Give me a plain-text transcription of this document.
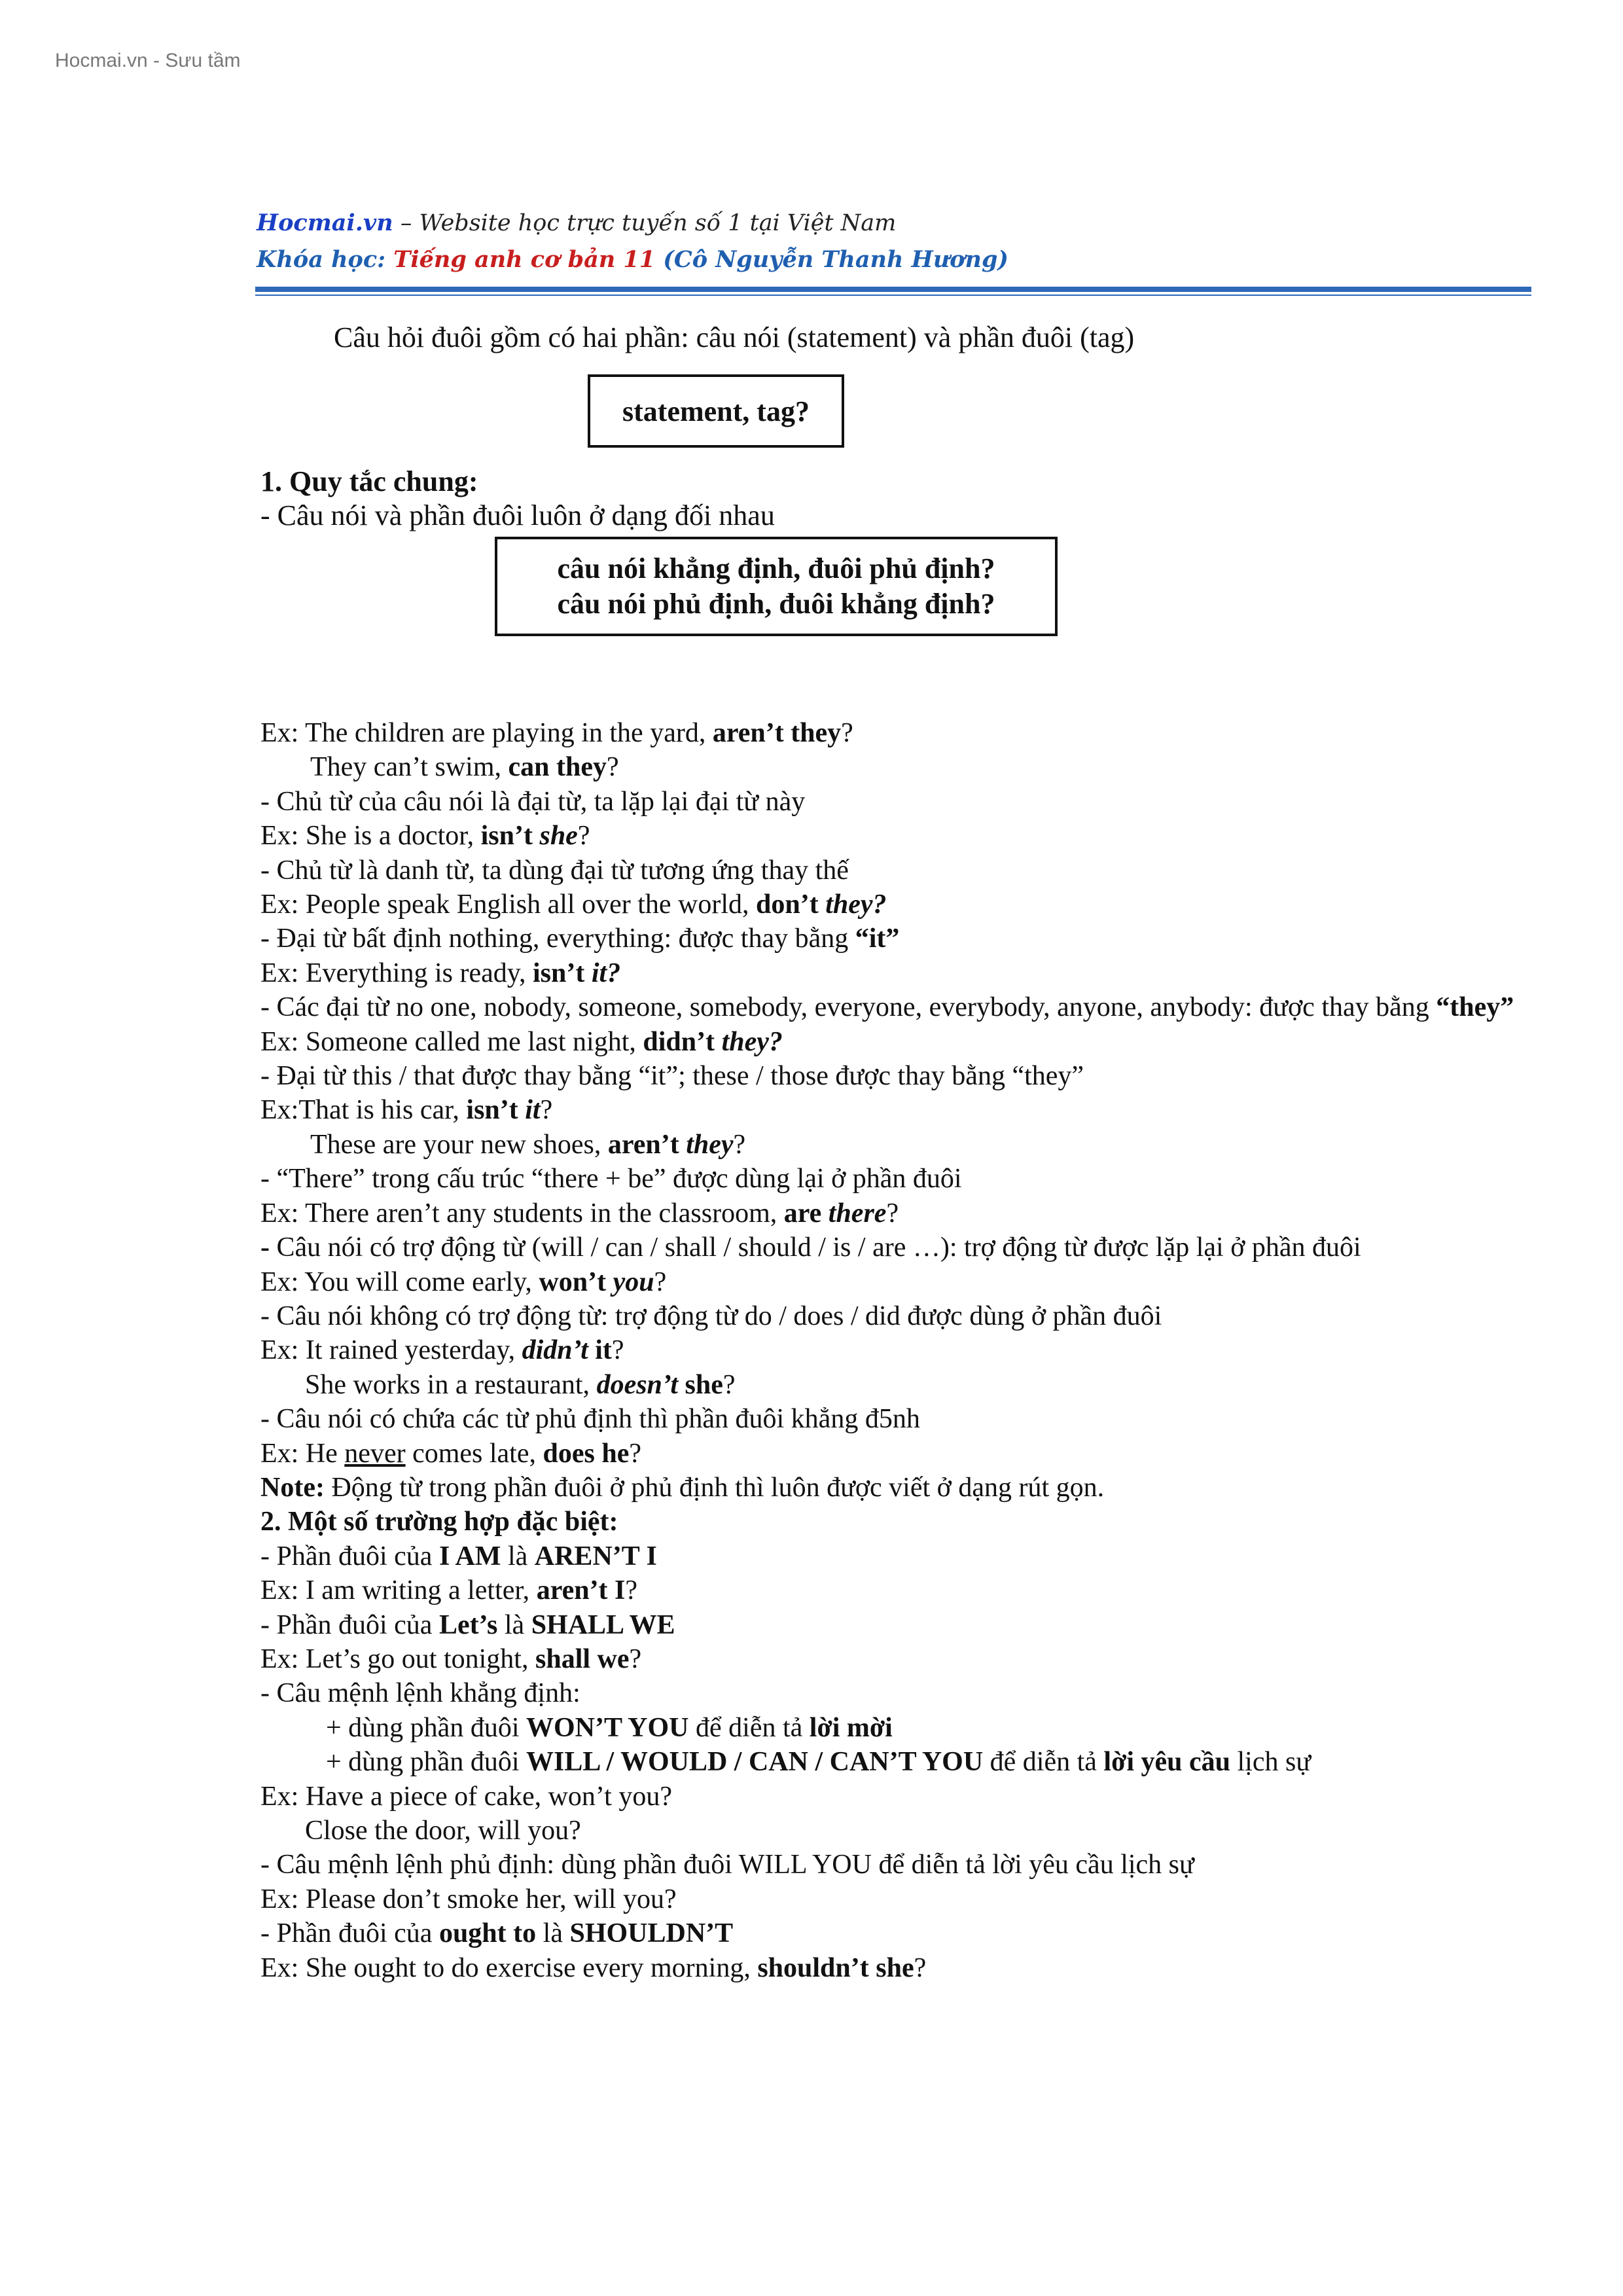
Hocmai.vn - Sưu tầm
Hocmai.vn – Website học trực tuyến số 1 tại Việt Nam
Khóa học: Tiếng anh cơ bản 11 (Cô Nguyễn Thanh Hương)
Câu hỏi đuôi gồm có hai phần: câu nói (statement) và phần đuôi (tag)
statement, tag?
1. Quy tắc chung:
- Câu nói và phần đuôi luôn ở dạng đối nhau
câu nói khẳng định, đuôi phủ định?
câu nói phủ định, đuôi khẳng định?
Ex: The children are playing in the yard, aren’t they?
They can’t swim, can they?
- Chủ từ của câu nói là đại từ, ta lặp lại đại từ này
Ex: She is a doctor, isn’t she?
- Chủ từ là danh từ, ta dùng đại từ tương ứng thay thế
Ex: People speak English all over the world, don’t they?
- Đại từ bất định nothing, everything: được thay bằng “it”
Ex: Everything is ready, isn’t it?
- Các đại từ no one, nobody, someone, somebody, everyone, everybody, anyone, anybody: được thay bằng “they”
Ex: Someone called me last night, didn’t they?
- Đại từ this / that được thay bằng “it”; these / those được thay bằng “they”
Ex:That is his car, isn’t it?
These are your new shoes, aren’t they?
- “There” trong cấu trúc “there + be” được dùng lại ở phần đuôi
Ex: There aren’t any students in the classroom, are there?
- Câu nói có trợ động từ (will / can / shall / should / is / are …): trợ động từ được lặp lại ở phần đuôi
Ex: You will come early, won’t you?
- Câu nói không có trợ động từ: trợ động từ do / does / did được dùng ở phần đuôi
Ex: It rained yesterday, didn’t it?
She works in a restaurant, doesn’t she?
- Câu nói có chứa các từ phủ định thì phần đuôi khẳng đ5nh
Ex: He never comes late, does he?
Note: Động từ trong phần đuôi ở phủ định thì luôn được viết ở dạng rút gọn.
2. Một số trường hợp đặc biệt:
- Phần đuôi của I AM là AREN’T I
Ex: I am writing a letter, aren’t I?
- Phần đuôi của Let’s là SHALL WE
Ex: Let’s go out tonight, shall we?
- Câu mệnh lệnh khẳng định:
+ dùng phần đuôi WON’T YOU để diễn tả lời mời
+ dùng phần đuôi WILL / WOULD / CAN / CAN’T YOU để diễn tả lời yêu cầu lịch sự
Ex: Have a piece of cake, won’t you?
Close the door, will you?
- Câu mệnh lệnh phủ định: dùng phần đuôi WILL YOU để diễn tả lời yêu cầu lịch sự
Ex: Please don’t smoke her, will you?
- Phần đuôi của ought to là SHOULDN’T
Ex: She ought to do exercise every morning, shouldn’t she?
